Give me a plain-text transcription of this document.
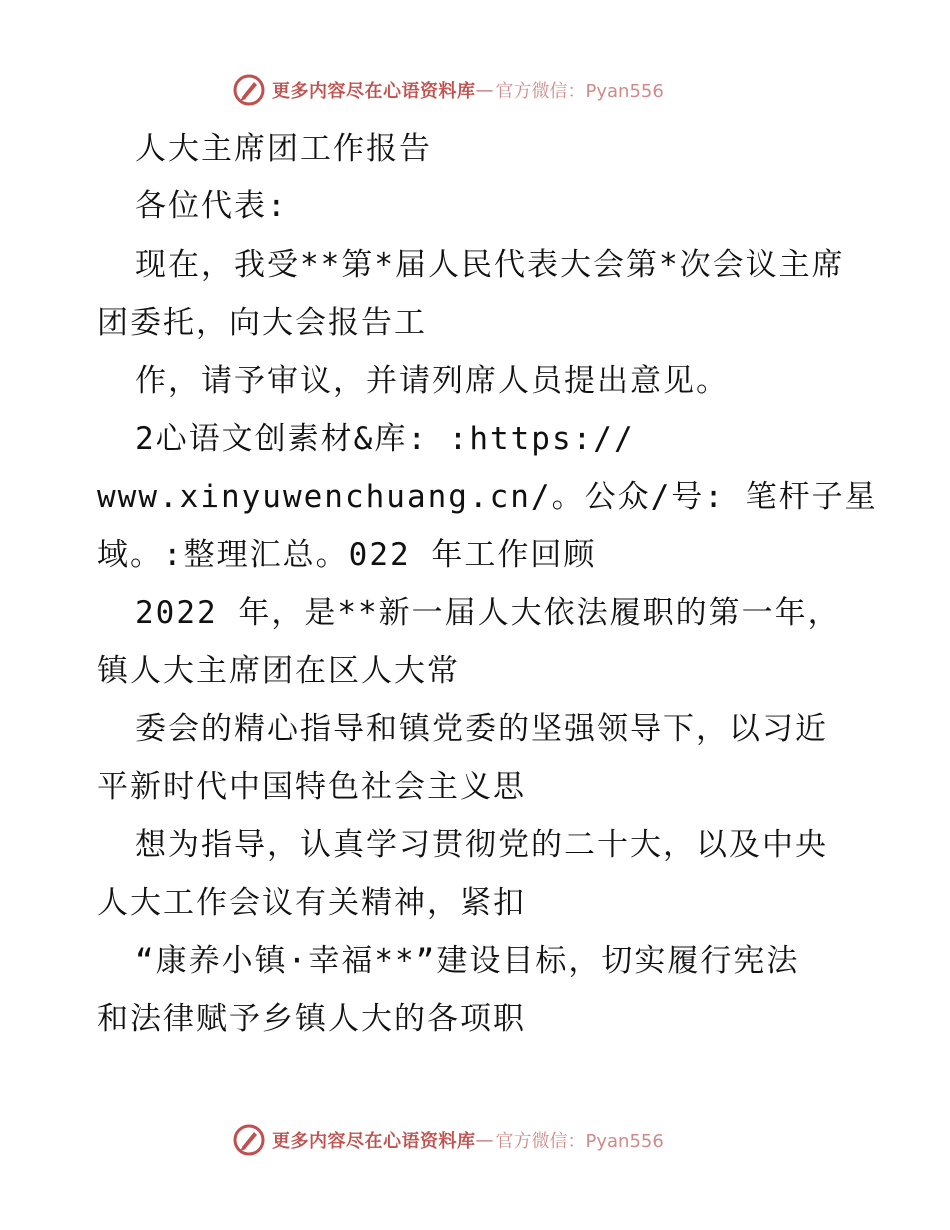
更多内容尽在心语资料库 — 官方微信：Pyan556
人大主席团工作报告
各位代表:
现在，我受**第*届人民代表大会第*次会议主席
团委托，向大会报告工
作，请予审议，并请列席人员提出意见。
2心语文创素材&库: :https://
www.xinyuwenchuang.cn/。公众/号: 笔杆子星
域。:整理汇总。022 年工作回顾
2022 年，是**新一届人大依法履职的第一年，
镇人大主席团在区人大常
委会的精心指导和镇党委的坚强领导下，以习近
平新时代中国特色社会主义思
想为指导，认真学习贯彻党的二十大，以及中央
人大工作会议有关精神，紧扣
“康养小镇·幸福**”建设目标，切实履行宪法
和法律赋予乡镇人大的各项职
更多内容尽在心语资料库 — 官方微信：Pyan556
